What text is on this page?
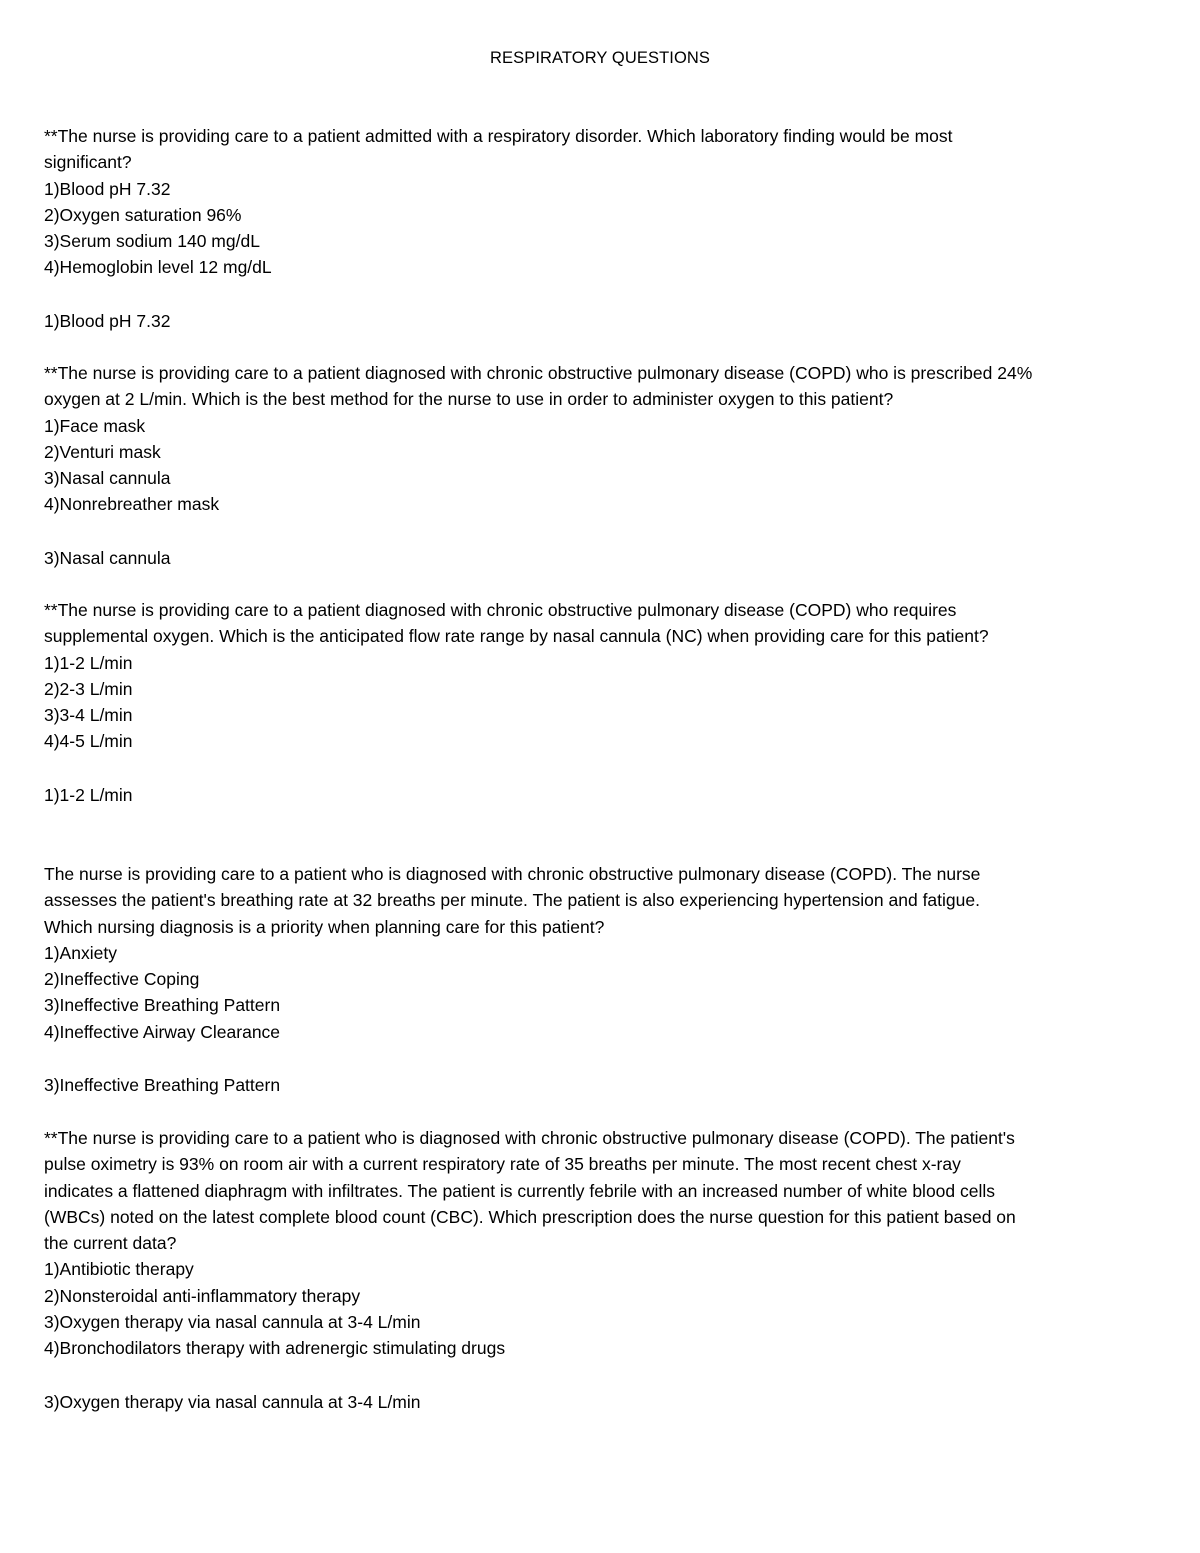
RESPIRATORY QUESTIONS
**The nurse is providing care to a patient admitted with a respiratory disorder. Which laboratory finding would be most
significant?
1)Blood pH 7.32
2)Oxygen saturation 96%
3)Serum sodium 140 mg/dL
4)Hemoglobin level 12 mg/dL
1)Blood pH 7.32
**The nurse is providing care to a patient diagnosed with chronic obstructive pulmonary disease (COPD) who is prescribed 24%
oxygen at 2 L/min. Which is the best method for the nurse to use in order to administer oxygen to this patient?
1)Face mask
2)Venturi mask
3)Nasal cannula
4)Nonrebreather mask
3)Nasal cannula
**The nurse is providing care to a patient diagnosed with chronic obstructive pulmonary disease (COPD) who requires
supplemental oxygen. Which is the anticipated flow rate range by nasal cannula (NC) when providing care for this patient?
1)1-2 L/min
2)2-3 L/min
3)3-4 L/min
4)4-5 L/min
1)1-2 L/min
The nurse is providing care to a patient who is diagnosed with chronic obstructive pulmonary disease (COPD). The nurse
assesses the patient's breathing rate at 32 breaths per minute. The patient is also experiencing hypertension and fatigue.
Which nursing diagnosis is a priority when planning care for this patient?
1)Anxiety
2)Ineffective Coping
3)Ineffective Breathing Pattern
4)Ineffective Airway Clearance
3)Ineffective Breathing Pattern
**The nurse is providing care to a patient who is diagnosed with chronic obstructive pulmonary disease (COPD). The patient's
pulse oximetry is 93% on room air with a current respiratory rate of 35 breaths per minute. The most recent chest x-ray
indicates a flattened diaphragm with infiltrates. The patient is currently febrile with an increased number of white blood cells
(WBCs) noted on the latest complete blood count (CBC). Which prescription does the nurse question for this patient based on
the current data?
1)Antibiotic therapy
2)Nonsteroidal anti-inflammatory therapy
3)Oxygen therapy via nasal cannula at 3-4 L/min
4)Bronchodilators therapy with adrenergic stimulating drugs
3)Oxygen therapy via nasal cannula at 3-4 L/min
